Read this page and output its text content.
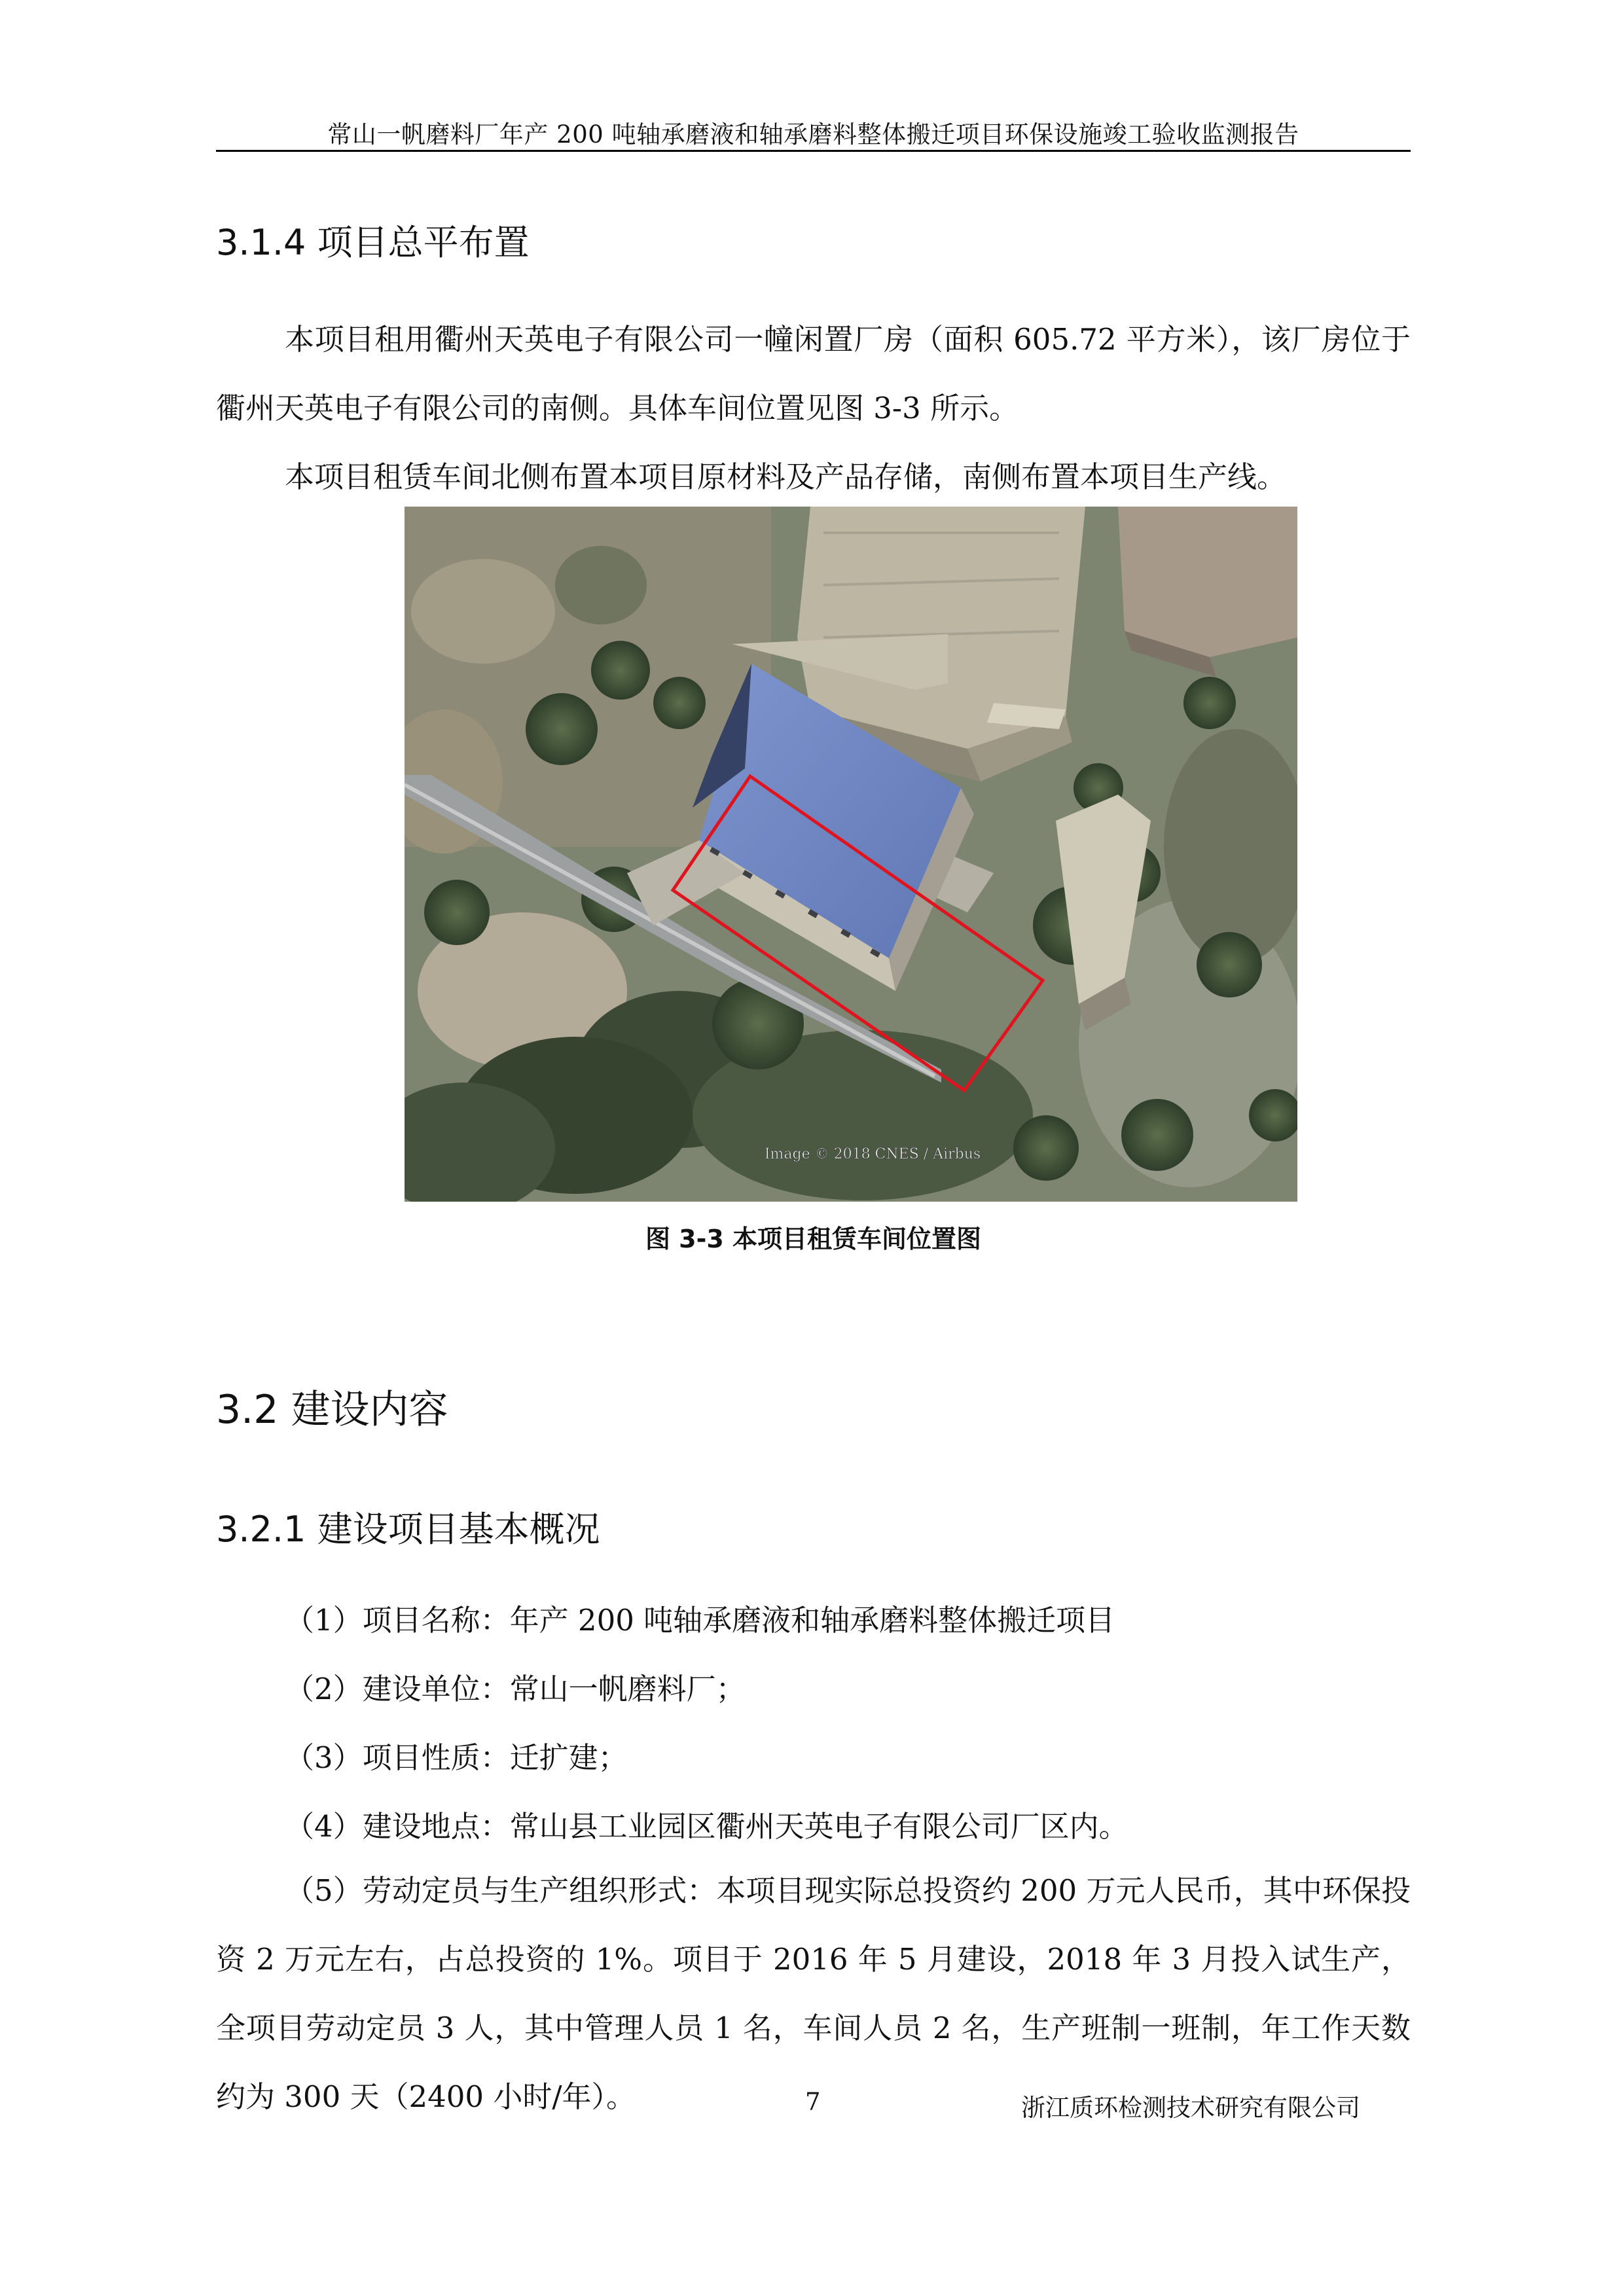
常山一帆磨料厂年产 200 吨轴承磨液和轴承磨料整体搬迁项目环保设施竣工验收监测报告
3.1.4 项目总平布置
本项目租用衢州天英电子有限公司一幢闲置厂房（面积 605.72 平方米），该厂房位于衢州天英电子有限公司的南侧。具体车间位置见图 3-3 所示。
本项目租赁车间北侧布置本项目原材料及产品存储，南侧布置本项目生产线。
Image © 2018 CNES / Airbus
图 3-3 本项目租赁车间位置图
3.2 建设内容
3.2.1 建设项目基本概况
（1）项目名称：年产 200 吨轴承磨液和轴承磨料整体搬迁项目
（2）建设单位：常山一帆磨料厂；
（3）项目性质：迁扩建；
（4）建设地点：常山县工业园区衢州天英电子有限公司厂区内。
（5）劳动定员与生产组织形式：本项目现实际总投资约 200 万元人民币，其中环保投资 2 万元左右，占总投资的 1%。项目于 2016 年 5 月建设，2018 年 3 月投入试生产，全项目劳动定员 3 人，其中管理人员 1 名，车间人员 2 名，生产班制一班制，年工作天数约为 300 天（2400 小时/年）。	7	浙江质环检测技术研究有限公司
